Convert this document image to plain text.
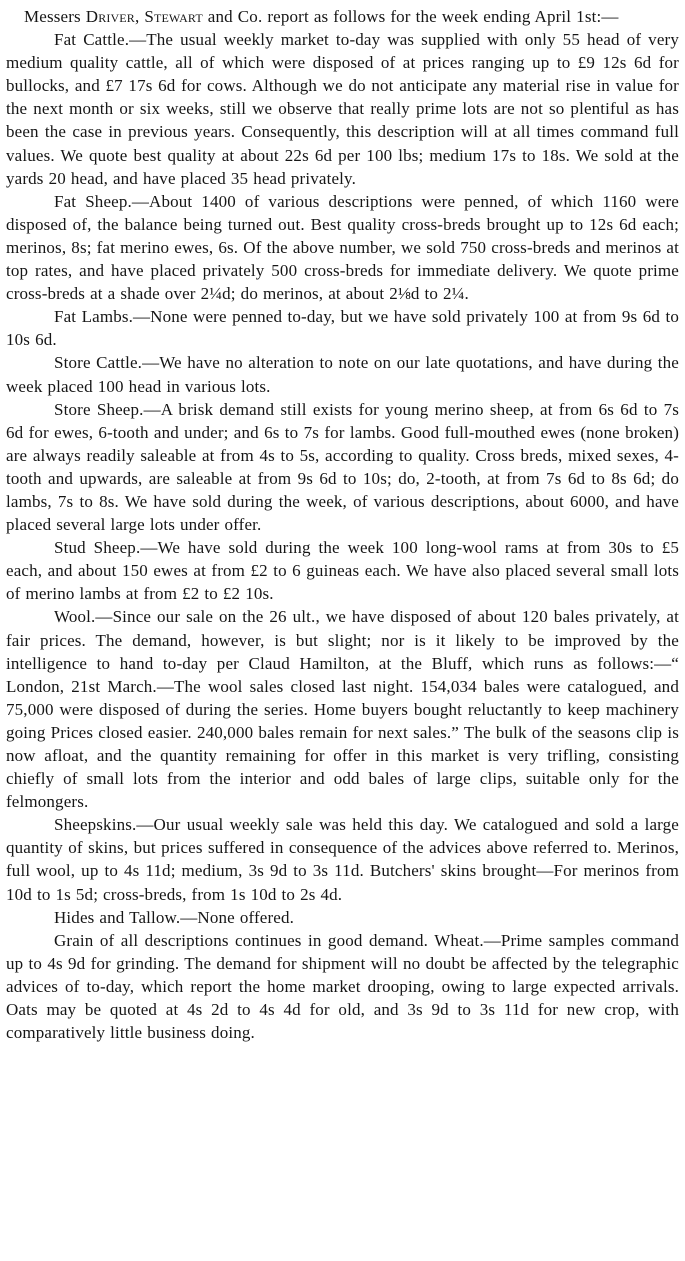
Messers Driver, Stewart and Co. report as follows for the week ending April 1st:—

Fat Cattle.—The usual weekly market to-day was supplied with only 55 head of very medium quality cattle, all of which were disposed of at prices ranging up to £9 12s 6d for bullocks, and £7 17s 6d for cows. Although we do not anticipate any material rise in value for the next month or six weeks, still we observe that really prime lots are not so plentiful as has been the case in previous years. Consequently, this description will at all times command full values. We quote best quality at about 22s 6d per 100 lbs; medium 17s to 18s. We sold at the yards 20 head, and have placed 35 head privately.

Fat Sheep.—About 1400 of various descriptions were penned, of which 1160 were disposed of, the balance being turned out. Best quality cross-breds brought up to 12s 6d each; merinos, 8s; fat merino ewes, 6s. Of the above number, we sold 750 cross-breds and merinos at top rates, and have placed privately 500 cross-breds for immediate delivery. We quote prime cross-breds at a shade over 2¼d; do merinos, at about 2⅛d to 2¼.

Fat Lambs.—None were penned to-day, but we have sold privately 100 at from 9s 6d to 10s 6d.

Store Cattle.—We have no alteration to note on our late quotations, and have during the week placed 100 head in various lots.

Store Sheep.—A brisk demand still exists for young merino sheep, at from 6s 6d to 7s 6d for ewes, 6-tooth and under; and 6s to 7s for lambs. Good full-mouthed ewes (none broken) are always readily saleable at from 4s to 5s, according to quality. Cross breds, mixed sexes, 4-tooth and upwards, are saleable at from 9s 6d to 10s; do, 2-tooth, at from 7s 6d to 8s 6d; do lambs, 7s to 8s. We have sold during the week, of various descriptions, about 6000, and have placed several large lots under offer.

Stud Sheep.—We have sold during the week 100 long-wool rams at from 30s to £5 each, and about 150 ewes at from £2 to 6 guineas each. We have also placed several small lots of merino lambs at from £2 to £2 10s.

Wool.—Since our sale on the 26 ult., we have disposed of about 120 bales privately, at fair prices. The demand, however, is but slight; nor is it likely to be improved by the intelligence to hand to-day per Claud Hamilton, at the Bluff, which runs as follows:—“ London, 21st March.—The wool sales closed last night. 154,034 bales were catalogued, and 75,000 were disposed of during the series. Home buyers bought reluctantly to keep machinery going Prices closed easier. 240,000 bales remain for next sales.” The bulk of the seasons clip is now afloat, and the quantity remaining for offer in this market is very trifling, consisting chiefly of small lots from the interior and odd bales of large clips, suitable only for the felmongers.

Sheepskins.—Our usual weekly sale was held this day. We catalogued and sold a large quantity of skins, but prices suffered in consequence of the advices above referred to. Merinos, full wool, up to 4s 11d; medium, 3s 9d to 3s 11d. Butchers' skins brought—For merinos from 10d to 1s 5d; cross-breds, from 1s 10d to 2s 4d.

Hides and Tallow.—None offered.

Grain of all descriptions continues in good demand. Wheat.—Prime samples command up to 4s 9d for grinding. The demand for shipment will no doubt be affected by the telegraphic advices of to-day, which report the home market drooping, owing to large expected arrivals. Oats may be quoted at 4s 2d to 4s 4d for old, and 3s 9d to 3s 11d for new crop, with comparatively little business doing.
